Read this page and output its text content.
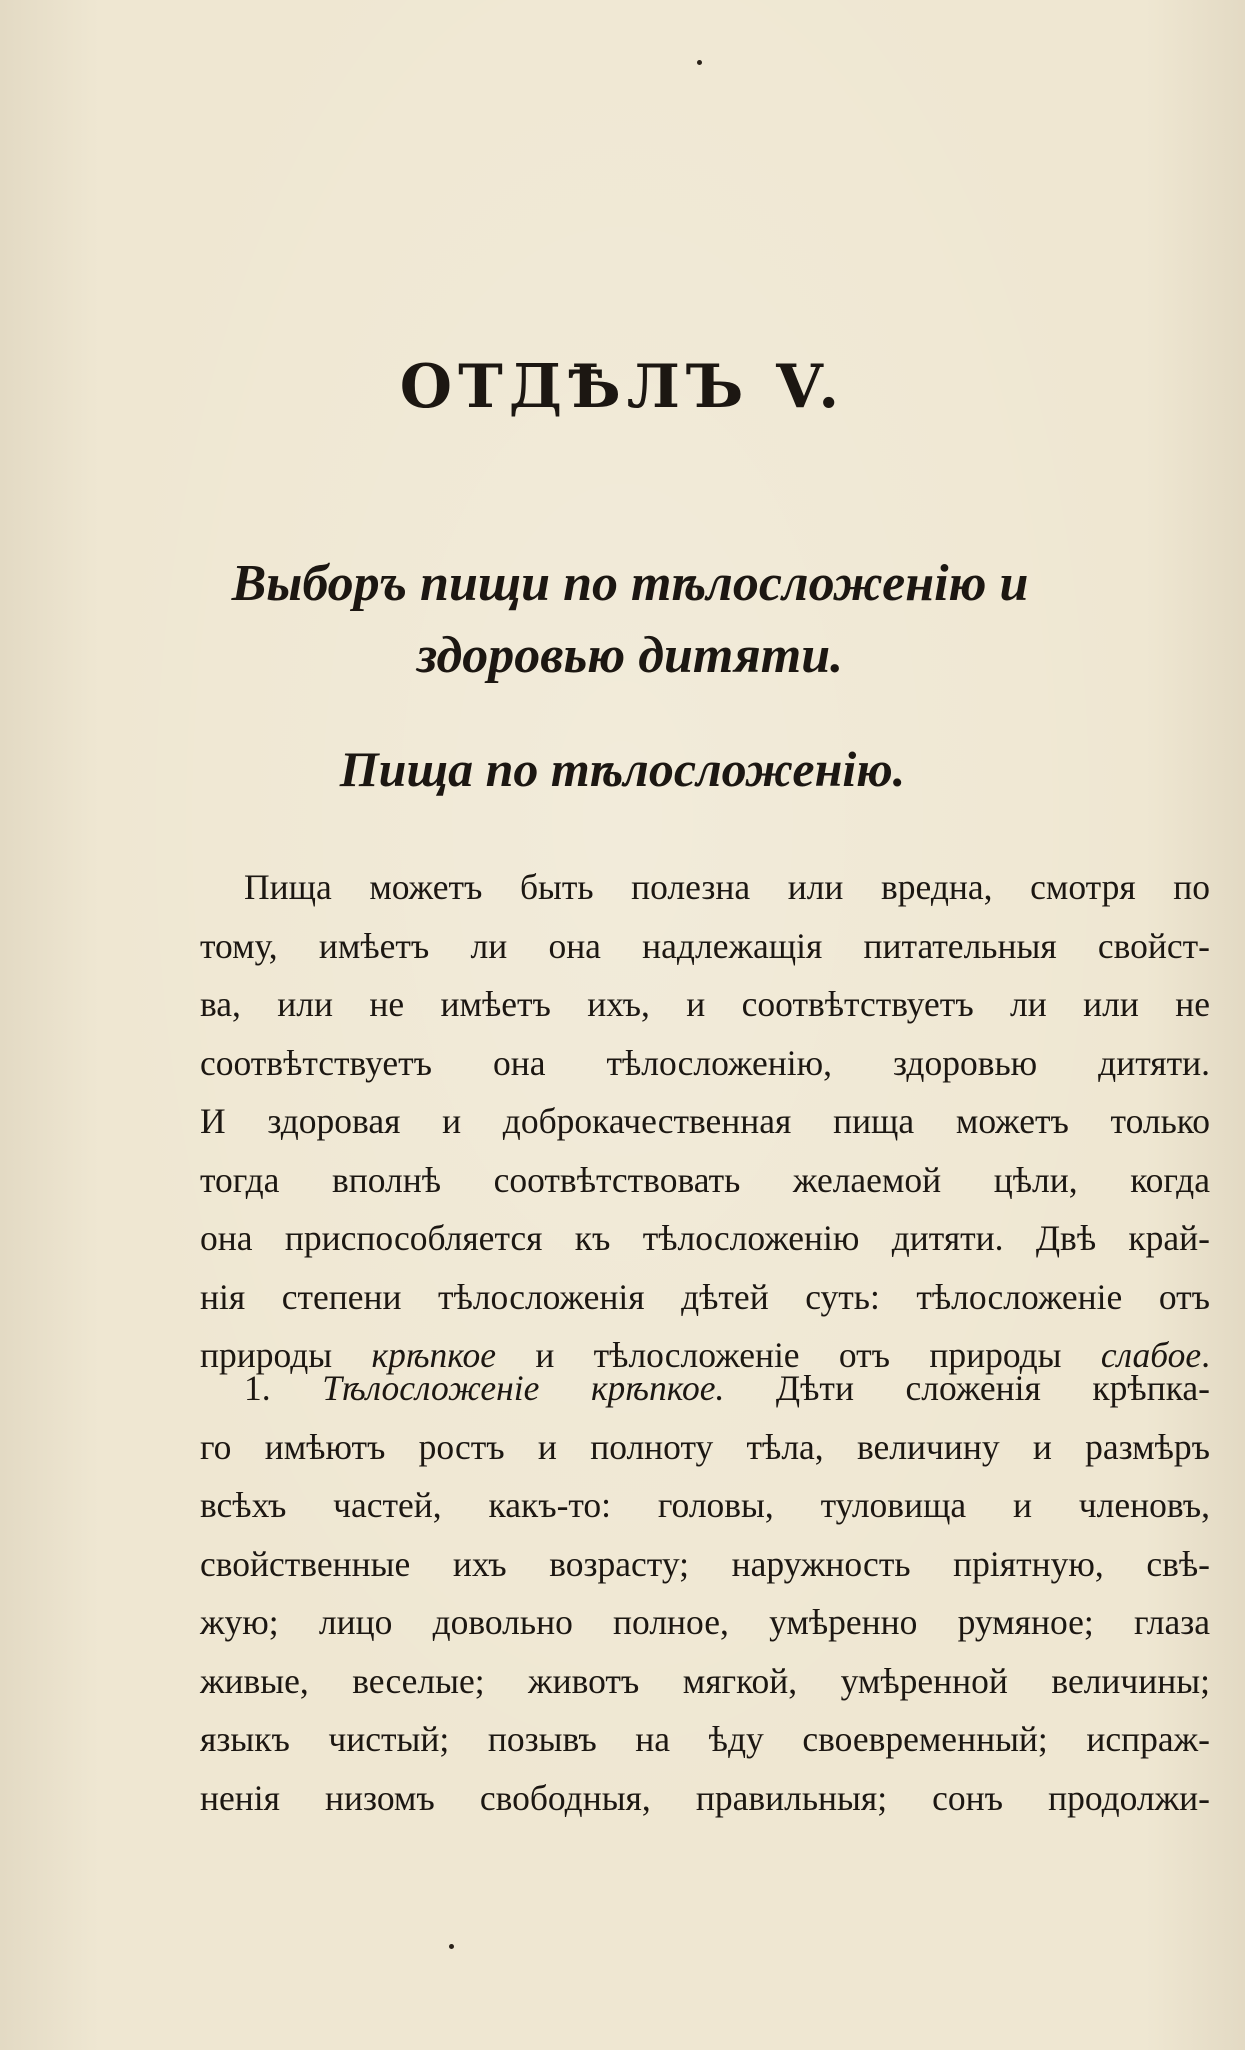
ОТДѢЛЪ V.
Выборъ пищи по тѣлосложенію и
здоровью дитяти.
Пища по тѣлосложенію.
Пища можетъ быть полезна или вредна, смотря по
тому, имѣетъ ли она надлежащія питательныя свойст-
ва, или не имѣетъ ихъ, и соотвѣтствуетъ ли или не
соотвѣтствуетъ она тѣлосложенію, здоровью дитяти.
И здоровая и доброкачественная пища можетъ только
тогда вполнѣ соотвѣтствовать желаемой цѣли, когда
она приспособляется къ тѣлосложенію дитяти. Двѣ край-
нія степени тѣлосложенія дѣтей суть: тѣлосложеніе отъ
природы крѣпкое и тѣлосложеніе отъ природы слабое.
1. Тѣлосложеніе крѣпкое. Дѣти сложенія крѣпка-
го имѣютъ ростъ и полноту тѣла, величину и размѣръ
всѣхъ частей, какъ-то: головы, туловища и членовъ,
свойственные ихъ возрасту; наружность пріятную, свѣ-
жую; лицо довольно полное, умѣренно румяное; глаза
живые, веселые; животъ мягкой, умѣренной величины;
языкъ чистый; позывъ на ѣду своевременный; испраж-
ненія низомъ свободныя, правильныя; сонъ продолжи-
